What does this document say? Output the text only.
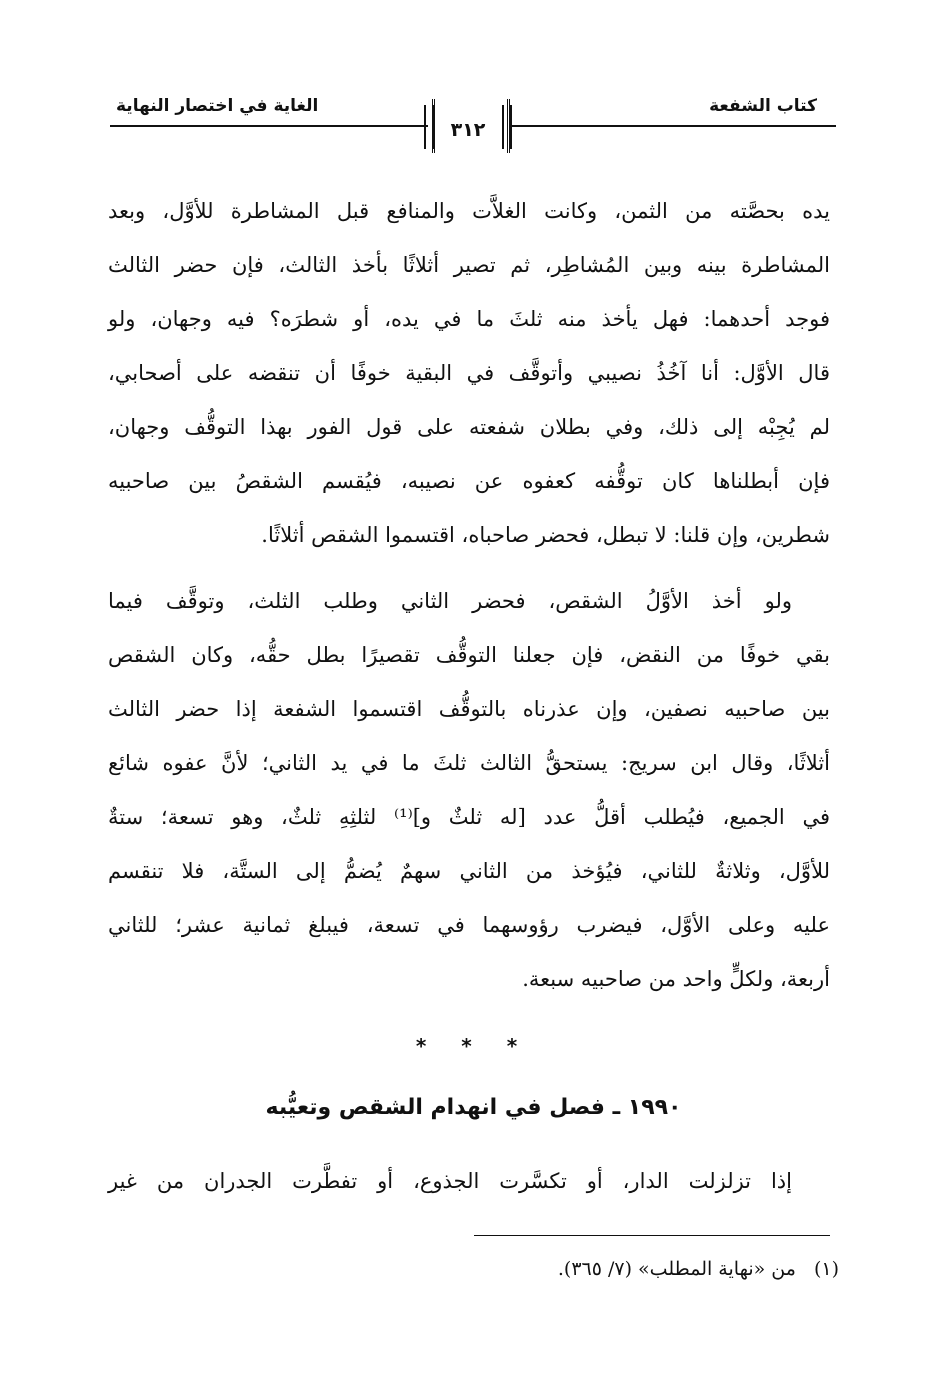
كتاب الشفعة
الغاية في اختصار النهاية
٣١٢
يده بحصَّته من الثمن، وكانت الغلاَّت والمنافع قبل المشاطرة للأوَّل، وبعد
المشاطرة بينه وبين المُشاطِر، ثم تصير أثلاثًا بأخذ الثالث، فإن حضر الثالث
فوجد أحدهما: فهل يأخذ منه ثلثَ ما في يده، أو شطرَه؟ فيه وجهان، ولو
قال الأوَّل: أنا آخُذُ نصيبي وأتوقَّف في البقية خوفًا أن تنقضه على أصحابي،
لم يُجِبْه إلى ذلك، وفي بطلان شفعته على قول الفور بهذا التوقُّف وجهان،
فإن أبطلناها كان توقُّفه كعفوه عن نصيبه، فيُقسم الشقصُ بين صاحبيه
شطرين، وإن قلنا: لا تبطل، فحضر صاحباه، اقتسموا الشقص أثلاثًا.
ولو أخذ الأوَّلُ الشقص، فحضر الثاني وطلب الثلث، وتوقَّف فيما
بقي خوفًا من النقض، فإن جعلنا التوقُّف تقصيرًا بطل حقُّه، وكان الشقص
بين صاحبيه نصفين، وإن عذرناه بالتوقُّف اقتسموا الشفعة إذا حضر الثالث
أثلاثًا، وقال ابن سريج: يستحقُّ الثالث ثلثَ ما في يد الثاني؛ لأنَّ عفوه شائع
في الجميع، فيُطلب أقلُّ عدد [له ثلثٌ و]⁽¹⁾ لثلثِهِ ثلثٌ، وهو تسعة؛ ستةٌ
للأوَّل، وثلاثةٌ للثاني، فيُؤخذ من الثاني سهمٌ يُضمُّ إلى الستَّة، فلا تنقسم
عليه وعلى الأوَّل، فيضرب رؤوسهما في تسعة، فيبلغ ثمانية عشر؛ للثاني
أربعة، ولكلٍّ واحد من صاحبيه سبعة.
* * *
١٩٩٠ ـ فصل في انهدام الشقص وتعيُّبه
إذا تزلزلت الدار، أو تكسَّرت الجذوع، أو تفطَّرت الجدران من غير
(١)من «نهاية المطلب» (٧/ ٣٦٥).
